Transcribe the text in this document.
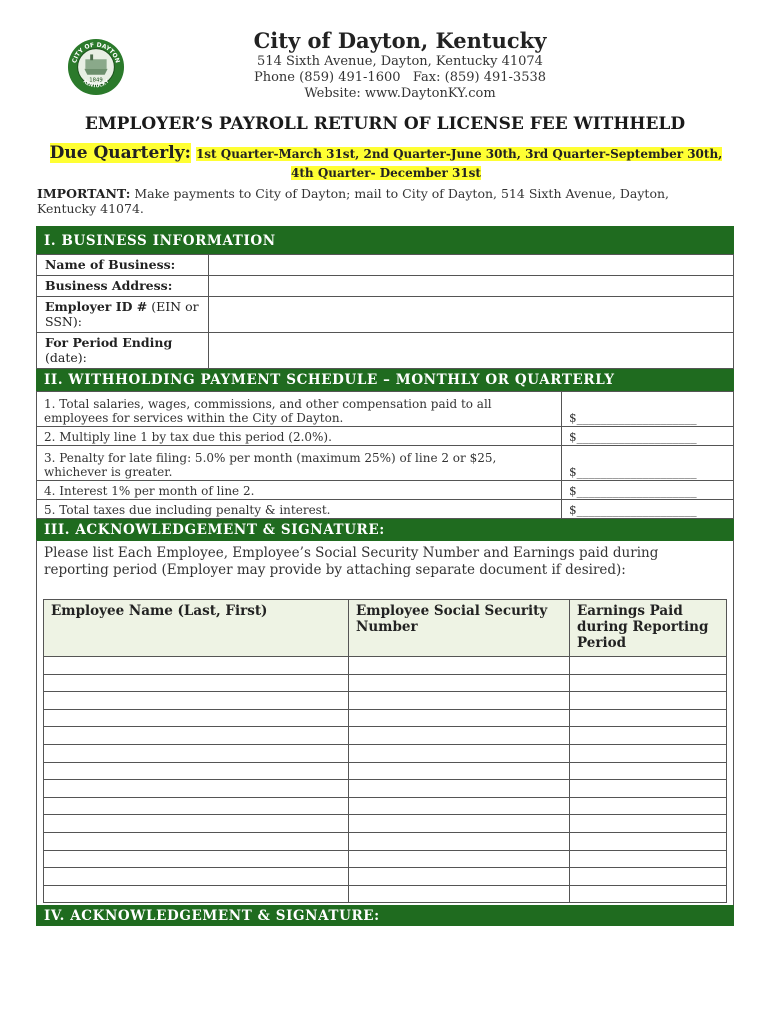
CITY OF DAYTON
KENTUCKY
1849
City of Dayton, Kentucky
514 Sixth Avenue, Dayton, Kentucky 41074
Phone (859) 491-1600   Fax: (859) 491-3538
Website: www.DaytonKY.com
EMPLOYER’S PAYROLL RETURN OF LICENSE FEE WITHHELD
Due Quarterly: 1st Quarter-March 31st, 2nd Quarter-June 30th, 3rd Quarter-September 30th,
4th Quarter- December 31st
IMPORTANT: Make payments to City of Dayton; mail to City of Dayton, 514 Sixth Avenue, Dayton, Kentucky 41074.
I. BUSINESS INFORMATION
Name of Business:	
Business Address:	
Employer ID # (EIN or SSN):	
For Period Ending
(date):	
II. WITHHOLDING PAYMENT SCHEDULE – MONTHLY OR QUARTERLY
1. Total salaries, wages, commissions, and other compensation paid to all employees for services within the City of Dayton.	$____________________
2. Multiply line 1 by tax due this period (2.0%).	$____________________
3. Penalty for late filing: 5.0% per month (maximum 25%) of line 2 or $25, whichever is greater.	$____________________
4. Interest 1% per month of line 2.	$____________________
5. Total taxes due including penalty & interest.	$____________________
III. ACKNOWLEDGEMENT & SIGNATURE:
Please list Each Employee, Employee’s Social Security Number and Earnings paid during reporting period (Employer may provide by attaching separate document if desired):
Employee Name (Last, First)	Employee Social Security Number	Earnings Paid during Reporting Period

IV. ACKNOWLEDGEMENT & SIGNATURE:
